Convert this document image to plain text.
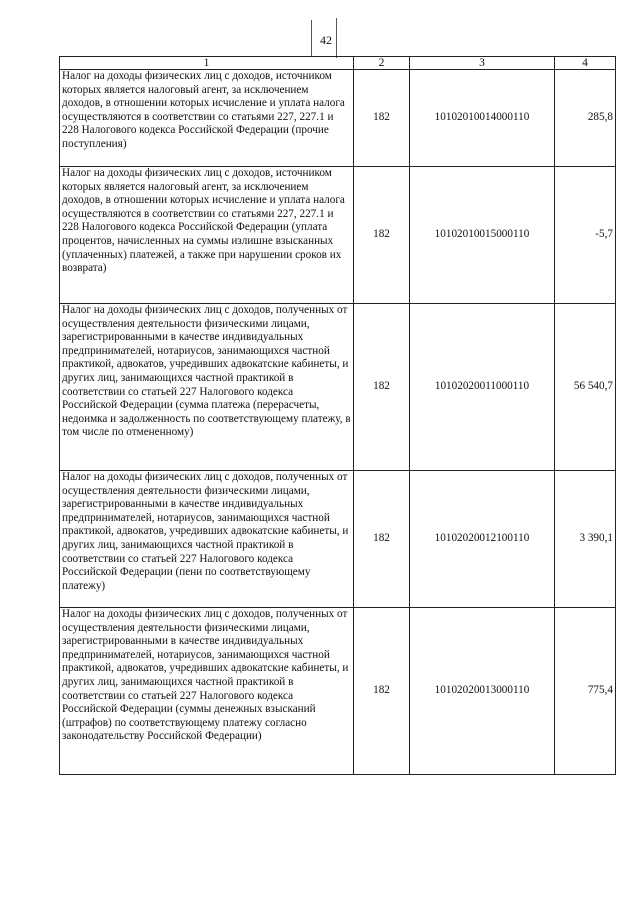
42
1	2	3	4
Налог на доходы физических лиц с доходов, источником которых является налоговый агент, за исключением доходов, в отношении которых исчисление и уплата налога осуществляются в соответствии со статьями 227, 227.1 и 228 Налогового кодекса Российской Федерации (прочие поступления)	182	10102010014000110	285,8
Налог на доходы физических лиц с доходов, источником которых является налоговый агент, за исключением доходов, в отношении которых исчисление и уплата налога осуществляются в соответствии со статьями 227, 227.1 и 228 Налогового кодекса Российской Федерации (уплата процентов, начисленных на суммы излишне взысканных (уплаченных) платежей, а также при нарушении сроков их возврата)	182	10102010015000110	-5,7
Налог на доходы физических лиц с доходов, полученных от осуществления деятельности физическими лицами, зарегистрированными в качестве индивидуальных предпринимателей, нотариусов, занимающихся частной практикой, адвокатов, учредивших адвокатские кабинеты, и других лиц, занимающихся частной практикой в соответствии со статьей 227 Налогового кодекса Российской Федерации (сумма платежа (перерасчеты, недоимка и задолженность по соответствующему платежу, в том числе по отмененному)	182	10102020011000110	56 540,7
Налог на доходы физических лиц с доходов, полученных от осуществления деятельности физическими лицами, зарегистрированными в качестве индивидуальных предпринимателей, нотариусов, занимающихся частной практикой, адвокатов, учредивших адвокатские кабинеты, и других лиц, занимающихся частной практикой в соответствии со статьей 227 Налогового кодекса Российской Федерации (пени по соответствующему платежу)	182	10102020012100110	3 390,1
Налог на доходы физических лиц с доходов, полученных от осуществления деятельности физическими лицами, зарегистрированными в качестве индивидуальных предпринимателей, нотариусов, занимающихся частной практикой, адвокатов, учредивших адвокатские кабинеты, и других лиц, занимающихся частной практикой в соответствии со статьей 227 Налогового кодекса Российской Федерации (суммы денежных взысканий (штрафов) по соответствующему платежу согласно законодательству Российской Федерации)	182	10102020013000110	775,4
